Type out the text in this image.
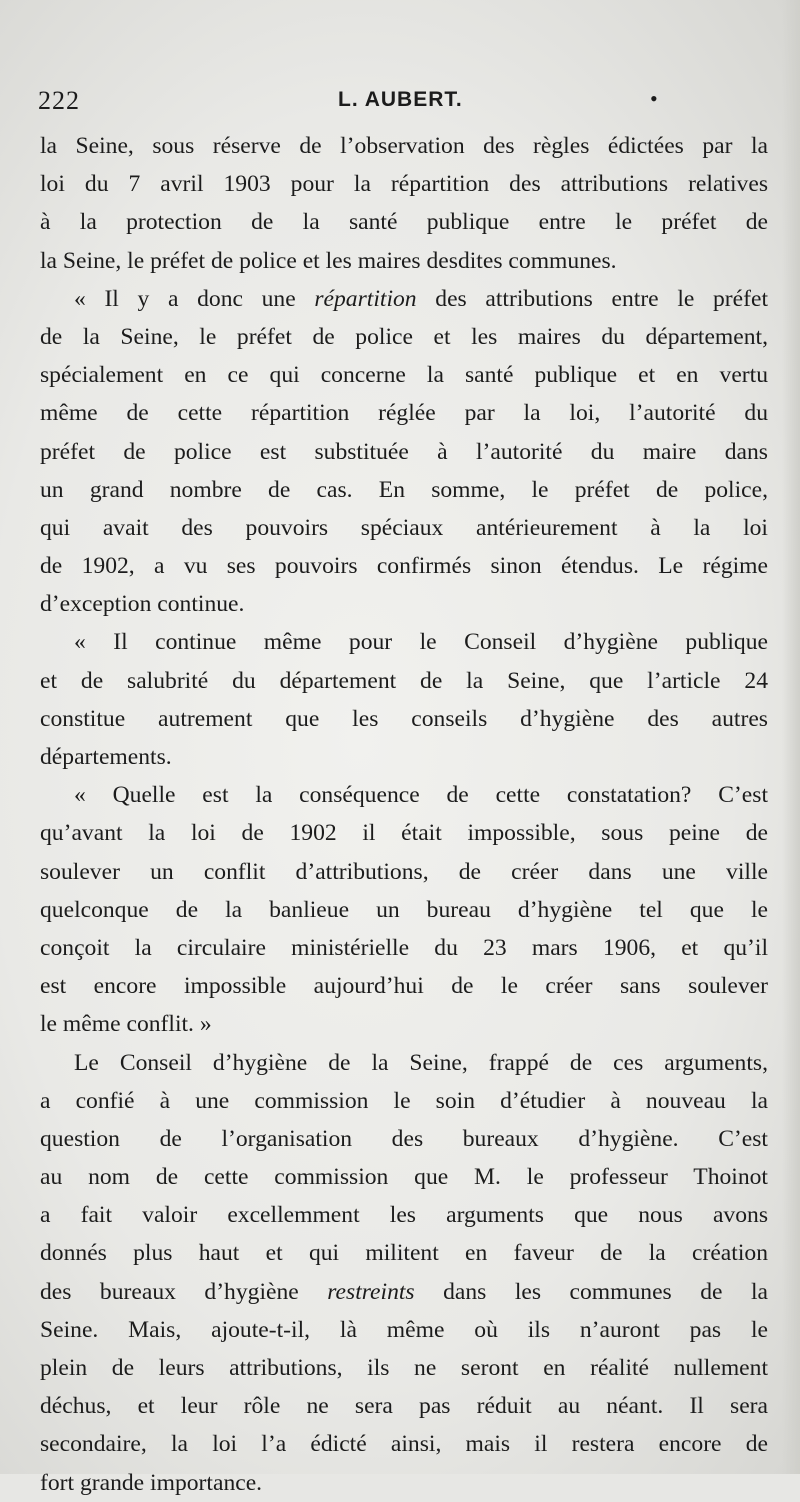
222	L. AUBERT.	•
la Seine, sous réserve de l’observation des règles édictées par la
loi du 7 avril 1903 pour la répartition des attributions relatives
à la protection de la santé publique entre le préfet de
la Seine, le préfet de police et les maires desdites communes.
« Il y a donc une répartition des attributions entre le préfet
de la Seine, le préfet de police et les maires du département,
spécialement en ce qui concerne la santé publique et en vertu
même de cette répartition réglée par la loi, l’autorité du
préfet de police est substituée à l’autorité du maire dans
un grand nombre de cas. En somme, le préfet de police,
qui avait des pouvoirs spéciaux antérieurement à la loi
de 1902, a vu ses pouvoirs confirmés sinon étendus. Le régime
d’exception continue.
« Il continue même pour le Conseil d’hygiène publique
et de salubrité du département de la Seine, que l’article 24
constitue autrement que les conseils d’hygiène des autres
départements.
« Quelle est la conséquence de cette constatation? C’est
qu’avant la loi de 1902 il était impossible, sous peine de
soulever un conflit d’attributions, de créer dans une ville
quelconque de la banlieue un bureau d’hygiène tel que le
conçoit la circulaire ministérielle du 23 mars 1906, et qu’il
est encore impossible aujourd’hui de le créer sans soulever
le même conflit. »
Le Conseil d’hygiène de la Seine, frappé de ces arguments,
a confié à une commission le soin d’étudier à nouveau la
question de l’organisation des bureaux d’hygiène. C’est
au nom de cette commission que M. le professeur Thoinot
a fait valoir excellemment les arguments que nous avons
donnés plus haut et qui militent en faveur de la création
des bureaux d’hygiène restreints dans les communes de la
Seine. Mais, ajoute-t-il, là même où ils n’auront pas le
plein de leurs attributions, ils ne seront en réalité nullement
déchus, et leur rôle ne sera pas réduit au néant. Il sera
secondaire, la loi l’a édicté ainsi, mais il restera encore de
fort grande importance.
